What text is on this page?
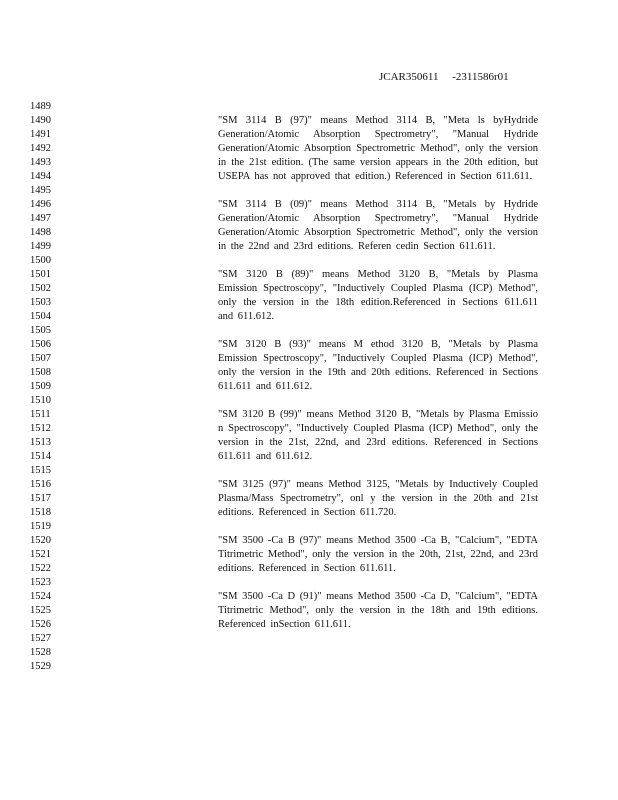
JCAR350611     -2311586r01
1489
1490
1491
1492
1493
1494
1495
1496
1497
1498
1499
1500
1501
1502
1503
1504
1505
1506
1507
1508
1509
1510
1511
1512
1513
1514
1515
1516
1517
1518
1519
1520
1521
1522
1523
1524
1525
1526
1527
1528
1529
"SM 3114 B (97)" means Method 3114 B, "Meta ls byHydride Generation/Atomic Absorption Spectrometry", "Manual Hydride Generation/Atomic Absorption Spectrometric Method", only the version in the 21st edition. (The same version appears in the 20th edition, but USEPA has not approved that edition.) Referenced in Section 611.611.
"SM 3114 B (09)" means Method 3114 B, "Metals by Hydride Generation/Atomic Absorption Spectrometry", "Manual Hydride Generation/Atomic Absorption Spectrometric Method", only the version in the 22nd and 23rd editions. Referen cedin Section 611.611.
"SM 3120 B (89)" means Method 3120 B, "Metals by Plasma Emission Spectroscopy", "Inductively Coupled Plasma (ICP) Method", only the version in the 18th edition.Referenced in Sections 611.611 and 611.612.
"SM 3120 B (93)" means M ethod 3120 B, "Metals by Plasma Emission Spectroscopy", "Inductively Coupled Plasma (ICP) Method", only the version in the 19th and 20th editions. Referenced in Sections 611.611 and 611.612.
"SM 3120 B (99)" means Method 3120 B, "Metals by Plasma Emissio n Spectroscopy", "Inductively Coupled Plasma (ICP) Method", only the version in the 21st, 22nd, and 23rd editions. Referenced in Sections 611.611 and 611.612.
"SM 3125 (97)" means Method 3125, "Metals by Inductively Coupled Plasma/Mass Spectrometry", onl y the version in the 20th and 21st editions. Referenced in Section 611.720.
"SM 3500 -Ca B (97)" means Method 3500 -Ca B, "Calcium", "EDTA Titrimetric Method", only the version in the 20th, 21st, 22nd, and 23rd editions. Referenced in Section 611.611.
"SM 3500 -Ca D (91)" means Method 3500 -Ca D, "Calcium", "EDTA Titrimetric Method", only the version in the 18th and 19th editions. Referenced inSection 611.611.
